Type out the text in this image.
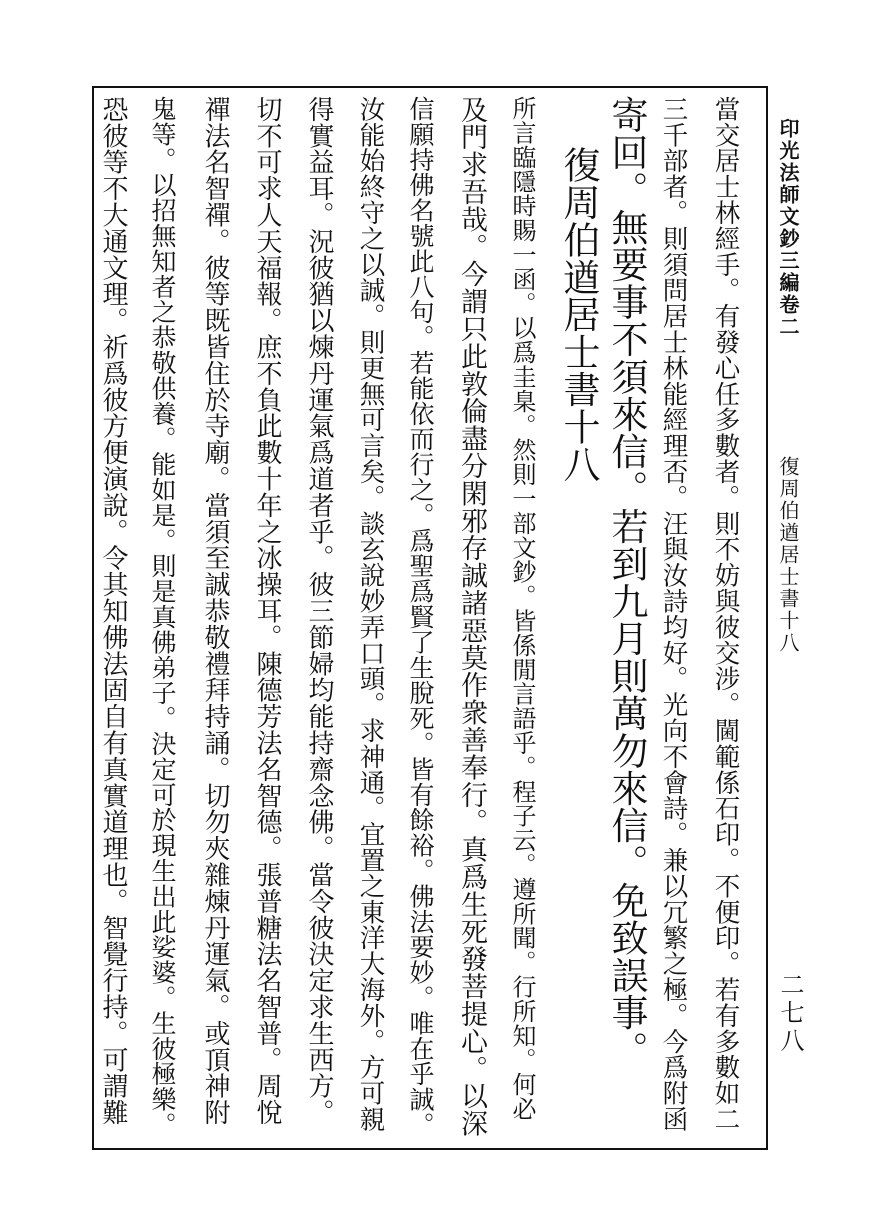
印光法師文鈔三編卷二
復周伯遒居士書十八
二七八
當交居士林經手。有發心任多數者。則不妨與彼交涉。閫範係石印。不便印。若有多數如二
三千部者。則須問居士林能經理否。汪與汝詩均好。光向不會詩。兼以冗繁之極。今爲附函
寄回。無要事不須來信。若到九月則萬勿來信。免致誤事。
復周伯遒居士書十八
所言臨隱時賜一函。以爲圭臬。然則一部文鈔。皆係閒言語乎。程子云。遵所聞。行所知。何必
及門求吾哉。今謂只此敦倫盡分閑邪存誠諸惡莫作衆善奉行。真爲生死發菩提心。以深
信願持佛名號此八句。若能依而行之。爲聖爲賢了生脫死。皆有餘裕。佛法要妙。唯在乎誠。
汝能始終守之以誠。則更無可言矣。談玄說妙弄口頭。求神通。宜置之東洋大海外。方可親
得實益耳。況彼猶以煉丹運氣爲道者乎。彼三節婦均能持齋念佛。當令彼決定求生西方。
切不可求人天福報。庶不負此數十年之冰操耳。陳德芳法名智德。張普糖法名智普。周悅
禪法名智禪。彼等既皆住於寺廟。當須至誠恭敬禮拜持誦。切勿夾雜煉丹運氣。或頂神附
鬼等。以招無知者之恭敬供養。能如是。則是真佛弟子。決定可於現生出此娑婆。生彼極樂。
恐彼等不大通文理。祈爲彼方便演說。令其知佛法固自有真實道理也。智覺行持。可謂難
